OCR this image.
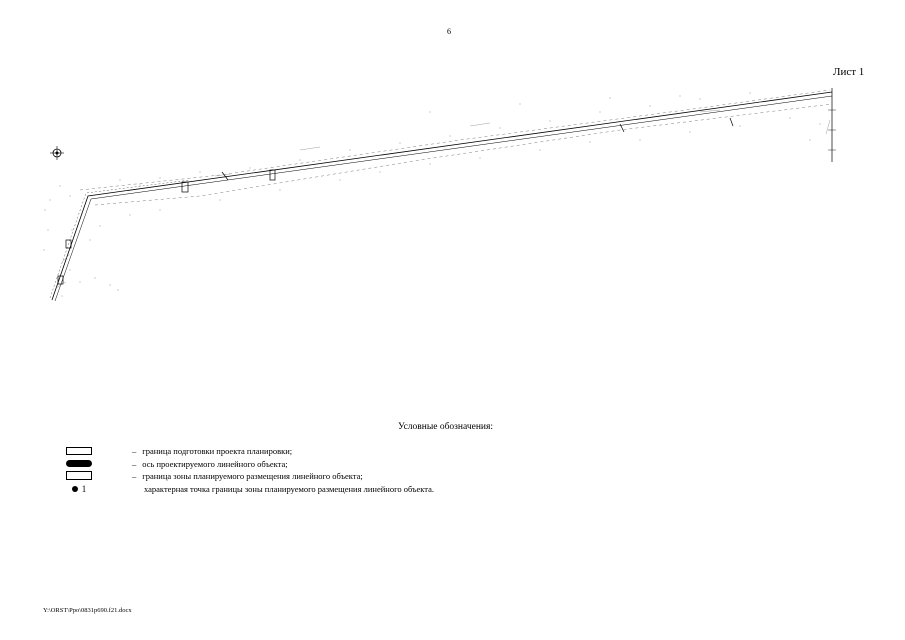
6
Лист 1
Условные обозначения:
– граница подготовки проекта планировки;
– ось проектируемого линейного объекта;
– граница зоны планируемого размещения линейного объекта;
1	характерная точка границы зоны планируемого размещения линейного объекта.
Y:\ORST\Ppo\0831p690.f21.docx
